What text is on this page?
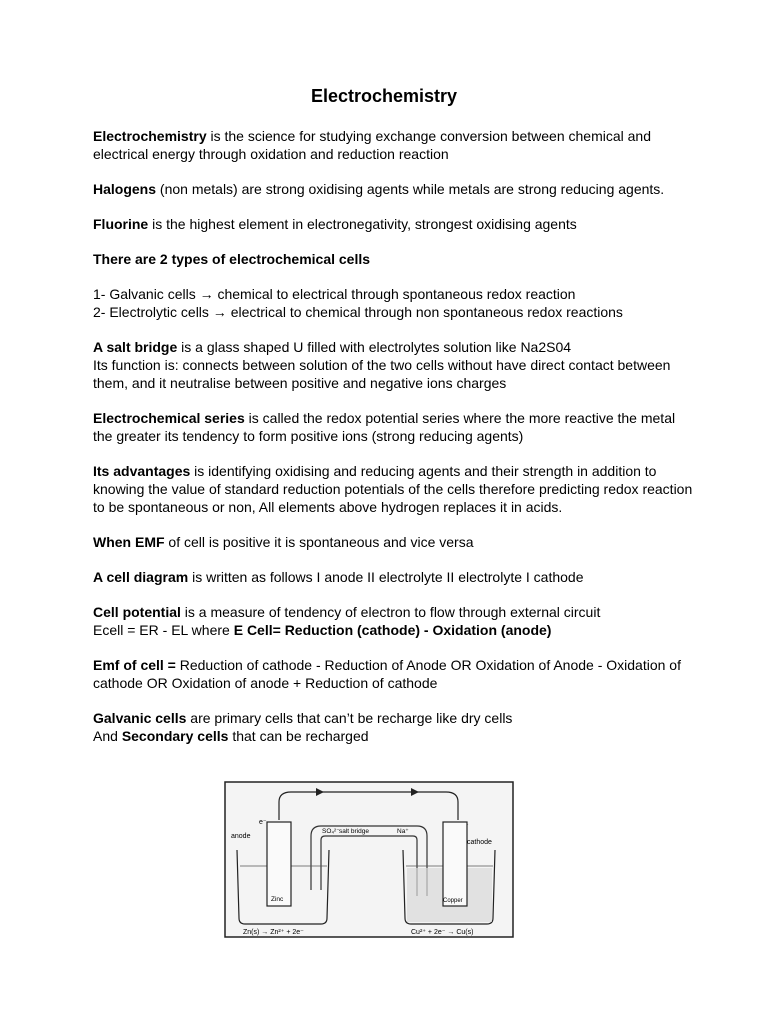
Electrochemistry

Electrochemistry is the science for studying exchange conversion between chemical and electrical energy through oxidation and reduction reaction

Halogens (non metals) are strong oxidising agents while metals are strong reducing agents.

Fluorine is the highest element in electronegativity, strongest oxidising agents

There are 2 types of electrochemical cells

1- Galvanic cells → chemical to electrical through spontaneous redox reaction
2- Electrolytic cells → electrical to chemical through non spontaneous redox reactions

A salt bridge is a glass shaped U filled with electrolytes solution like Na2S04
Its function is: connects between solution of the two cells without have direct contact between them, and it neutralise between positive and negative ions charges

Electrochemical series is called the redox potential series where the more reactive the metal the greater its tendency to form positive ions (strong reducing agents)

Its advantages is identifying oxidising and reducing agents and their strength in addition to knowing the value of standard reduction potentials of the cells therefore predicting redox reaction to be spontaneous or non, All elements above hydrogen replaces it in acids.

When EMF of cell is positive it is spontaneous and vice versa

A cell diagram is written as follows I anode II electrolyte II electrolyte I cathode

Cell potential is a measure of tendency of electron to flow through external circuit
Ecell = ER - EL where E Cell= Reduction (cathode) - Oxidation (anode)

Emf of cell = Reduction of cathode - Reduction of Anode OR Oxidation of Anode - Oxidation of cathode OR Oxidation of anode + Reduction of cathode

Galvanic cells are primary cells that can’t be recharge like dry cells
And Secondary cells that can be recharged

e⁻
SO₄²⁻ salt bridge	Na⁺
anode
Zinc
cathode
Copper
Zn(s) → Zn²⁺ + 2e⁻	Cu²⁺ + 2e⁻ → Cu(s)
